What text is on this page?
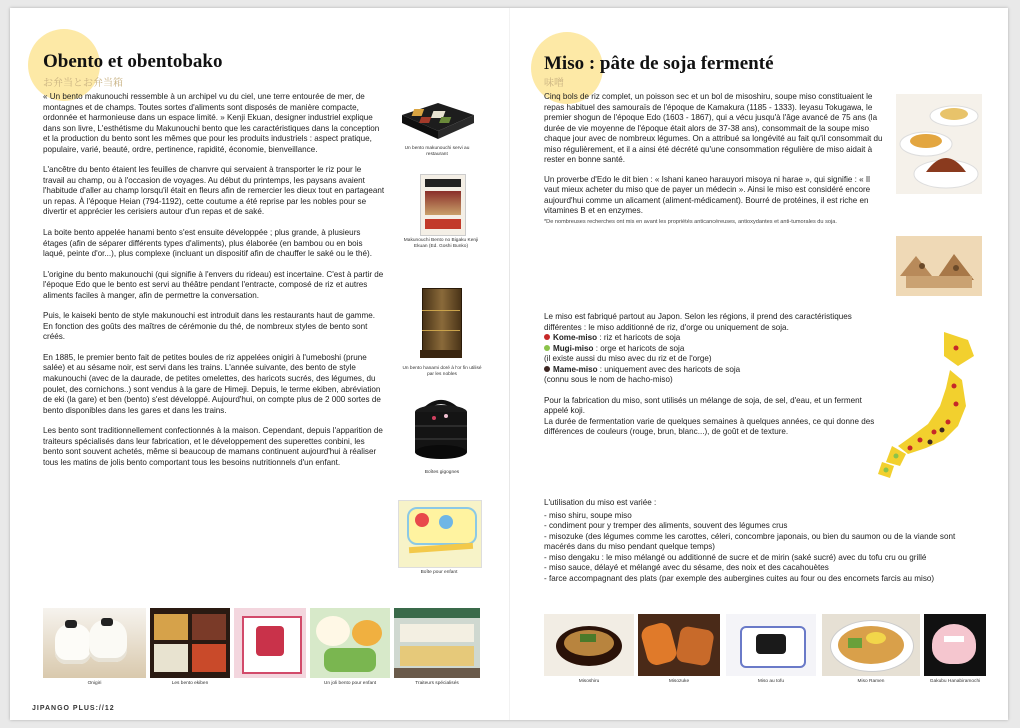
Obento et obentobako
お弁当とお弁当箱

« Un bento makunouchi ressemble à un archipel vu du ciel, une terre entourée de mer, de montagnes et de champs. Toutes sortes d'aliments sont disposés de manière compacte, ordonnée et harmonieuse dans un espace limité. » Kenji Ekuan, designer industriel explique dans son livre, L'esthétisme du Makunouchi bento que les caractéristiques dans la conception et la production du bento sont les mêmes que pour les produits industriels : aspect pratique, populaire, varié, beauté, ordre, pertinence, rapidité, économie, bienveillance.

L'ancêtre du bento étaient les feuilles de chanvre qui servaient à transporter le riz pour le travail au champ, ou à l'occasion de voyages. Au début du printemps, les paysans avaient l'habitude d'aller au champ lorsqu'il était en fleurs afin de remercier les dieux tout en partageant un repas. À l'époque Heian (794-1192), cette coutume a été reprise par les nobles pour se divertir et apprécier les cerisiers autour d'un repas et de saké.

La boite bento appelée hanami bento s'est ensuite développée ; plus grande, à plusieurs étages (afin de séparer différents types d'aliments), plus élaborée (en bambou ou en bois laqué, peinte d'or...), plus complexe (incluant un dispositif afin de chauffer le saké ou le thé).

L'origine du bento makunouchi (qui signifie à l'envers du rideau) est incertaine. C'est à partir de l'époque Edo que le bento est servi au théâtre pendant l'entracte, composé de riz et autres aliments faciles à manger, afin de permettre la conversation.

Puis, le kaiseki bento de style makunouchi est introduit dans les restaurants haut de gamme. En fonction des goûts des maîtres de cérémonie du thé, de nombreux styles de bento sont créés.

En 1885, le premier bento fait de petites boules de riz appelées onigiri à l'umeboshi (prune salée) et au sésame noir, est servi dans les trains. L'année suivante, des bento de style makunouchi (avec de la daurade, de petites omelettes, des haricots sucrés, des légumes, du poulet, des cornichons..) sont vendus à la gare de Himeji. Depuis, le terme ekiben, abréviation de eki (la gare) et ben (bento) s'est développé. Aujourd'hui, on compte plus de 2 000 sortes de bento disponibles dans les gares et dans les trains.

Les bento sont traditionnellement confectionnés à la maison. Cependant, depuis l'apparition de traiteurs spécialisés dans leur fabrication, et le développement des superettes conbini, les bento sont souvent achetés, même si beaucoup de mamans continuent aujourd'hui à réaliser tous les matins de jolis bento comportant tous les besoins nutritionnels d'un enfant.

Un bento makunouchi servi au restaurant
Makunouchi Bento no Bigaku Kenji Ekuan (Ed. Goshi Bunko)
Un bento hanami doré à l'or fin utilisé par les nobles
Boîtes gigognes
Boîte pour enfant
Onigiri	Les bento ekiben	Un joli bento pour enfant	Traiteurs spécialisés
JIPANGO PLUS://12
Miso : pâte de soja fermenté
味噌

Cinq bols de riz complet, un poisson sec et un bol de misoshiru, soupe miso constituaient le repas habituel des samouraïs de l'époque de Kamakura (1185 - 1333). Ieyasu Tokugawa, le premier shogun de l'époque Edo (1603 - 1867), qui a vécu jusqu'à l'âge avancé de 75 ans (la durée de vie moyenne de l'époque était alors de 37-38 ans), consommait de la soupe miso chaque jour avec de nombreux légumes. On a attribué sa longévité au fait qu'il consommait du miso régulièrement, et il a ainsi été décrété qu'une consommation régulière de miso aidait à rester en bonne santé.

Un proverbe d'Edo le dit bien : « Ishani kaneo harauyori misoya ni harae », qui signifie : « Il vaut mieux acheter du miso que de payer un médecin ». Ainsi le miso est considéré encore aujourd'hui comme un alicament (aliment-médicament). Bourré de protéines, il est riche en vitamines B et en enzymes.

*De nombreuses recherches ont mis en avant les propriétés anticancéreuses, antioxydantes et anti-tumorales du soja.

Le miso est fabriqué partout au Japon. Selon les régions, il prend des caractéristiques différentes : le miso additionné de riz, d'orge ou uniquement de soja.

Kome-miso : riz et haricots de soja
Mugi-miso : orge et haricots de soja
(il existe aussi du miso avec du riz et de l'orge)
Mame-miso : uniquement avec des haricots de soja
(connu sous le nom de hacho-miso)

Pour la fabrication du miso, sont utilisés un mélange de soja, de sel, d'eau, et un ferment appelé koji.

La durée de fermentation varie de quelques semaines à quelques années, ce qui donne des différences de couleurs (rouge, brun, blanc...), de goût et de texture.

L'utilisation du miso est variée :
- miso shiru, soupe miso
- condiment pour y tremper des aliments, souvent des légumes crus
- misozuke (des légumes comme les carottes, céleri, concombre japonais, ou bien du saumon ou de la viande sont macérés dans du miso pendant quelque temps)
- miso dengaku : le miso mélangé ou additionné de sucre et de mirin (saké sucré) avec du tofu cru ou grillé
- miso sauce, délayé et mélangé avec du sésame, des noix et des cacahouètes
- farce accompagnant des plats (par exemple des aubergines cuites au four ou des encornets farcis au miso)
Misoshiru	Misozuke	Miso au tofu	Miso Ramen	Gakubu Hanabiramochi
